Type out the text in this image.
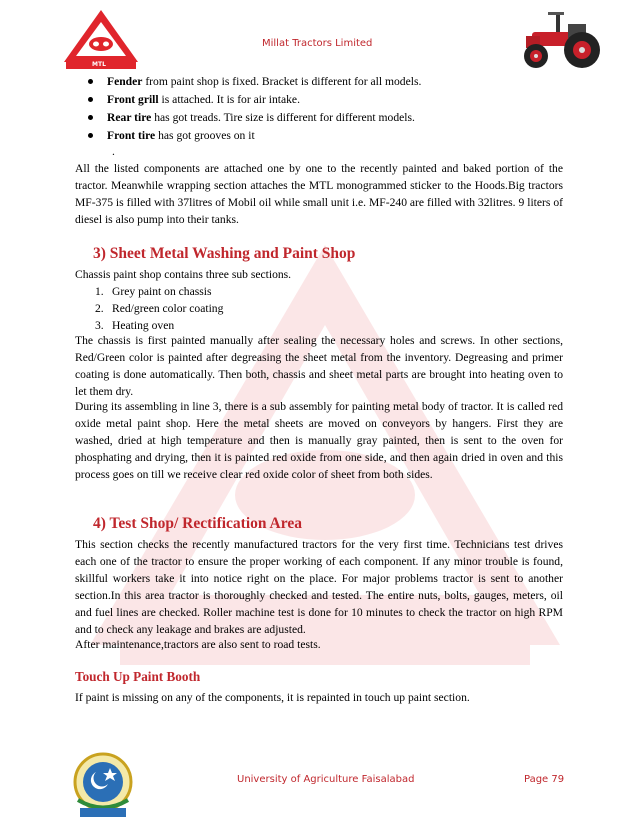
MTL
Millat Tractors Limited
Fender from paint shop is fixed. Bracket is different for all models.
Front grill is attached. It is for air intake.
Rear tire has got treads. Tire size is different for different models.
Front tire has got grooves on it
.
All the listed components are attached one by one to the recently painted and baked portion of the tractor. Meanwhile wrapping section attaches the MTL monogrammed sticker to the Hoods.Big tractors MF-375 is filled with 37litres of Mobil oil while small unit i.e. MF-240 are filled with 32litres. 9 liters of diesel is also pump into their tanks.
3) Sheet Metal Washing and Paint Shop
Chassis paint shop contains three sub sections.
1. Grey paint on chassis
2. Red/green color coating
3. Heating oven
The chassis is first painted manually after sealing the necessary holes and screws. In other sections, Red/Green color is painted after degreasing the sheet metal from the inventory. Degreasing and primer coating is done automatically. Then both, chassis and sheet metal parts are brought into heating oven to let them dry.
During its assembling in line 3, there is a sub assembly for painting metal body of tractor. It is called red oxide metal paint shop. Here the metal sheets are moved on conveyors by hangers. First they are washed, dried at high temperature and then is manually gray painted, then is sent to the oven for phosphating and drying, then it is painted red oxide from one side, and then again dried in oven and this process goes on till we receive clear red oxide color of sheet from both sides.
4) Test Shop/ Rectification Area
This section checks the recently manufactured tractors for the very first time. Technicians test drives each one of the tractor to ensure the proper working of each component. If any minor trouble is found, skillful workers take it into notice right on the place. For major problems tractor is sent to another section.In this area tractor is thoroughly checked and tested. The entire nuts, bolts, gauges, meters, oil and fuel lines are checked. Roller machine test is done for 10 minutes to check the tractor on high RPM and to check any leakage and brakes are adjusted.
After maintenance,tractors are also sent to road tests.
Touch Up Paint Booth
If paint is missing on any of the components, it is repainted in touch up paint section.
University of Agriculture Faisalabad	Page 79
